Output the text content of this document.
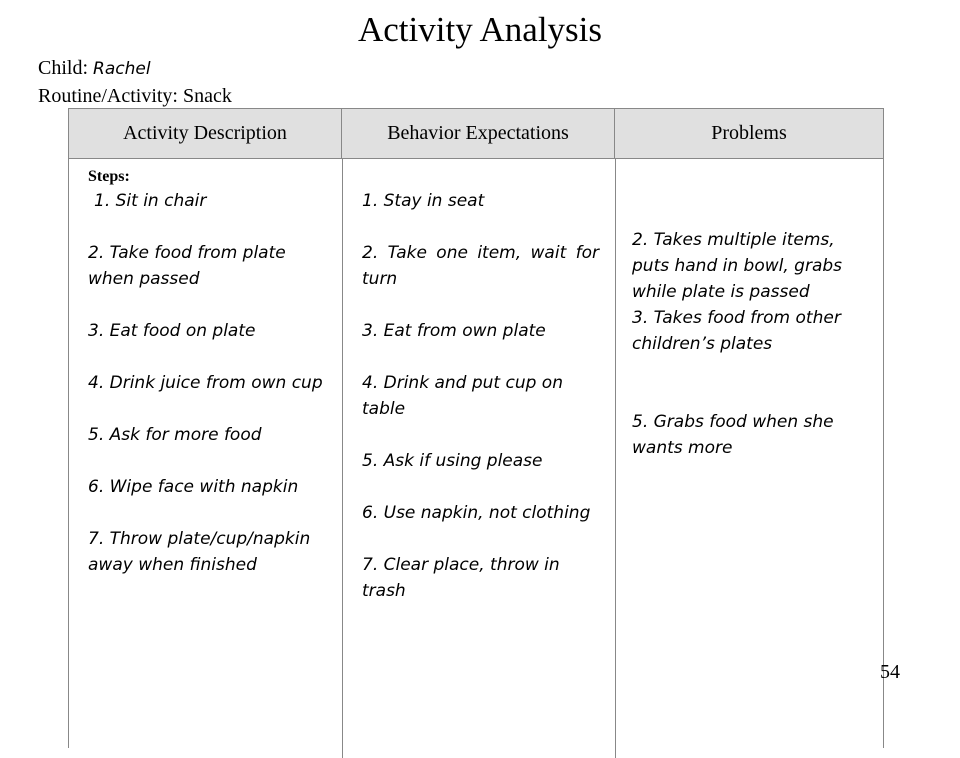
Activity Analysis
Child: Rachel
Routine/Activity: Snack
Activity Description	Behavior Expectations	Problems
Steps:

1. Sit in chair

2. Take food from plate when passed

3. Eat food on plate

4. Drink juice from own cup

5. Ask for more food

6. Wipe face with napkin

7. Throw plate/cup/napkin away when finished

1. Stay in seat

2. Take one item, wait for turn

3. Eat from own plate

4. Drink and put cup on table

5. Ask if using please

6. Use napkin, not clothing

7. Clear place, throw in trash

2. Takes multiple items, puts hand in bowl, grabs while plate is passed

3. Takes food from other children’s plates

5. Grabs food when she wants more

54
